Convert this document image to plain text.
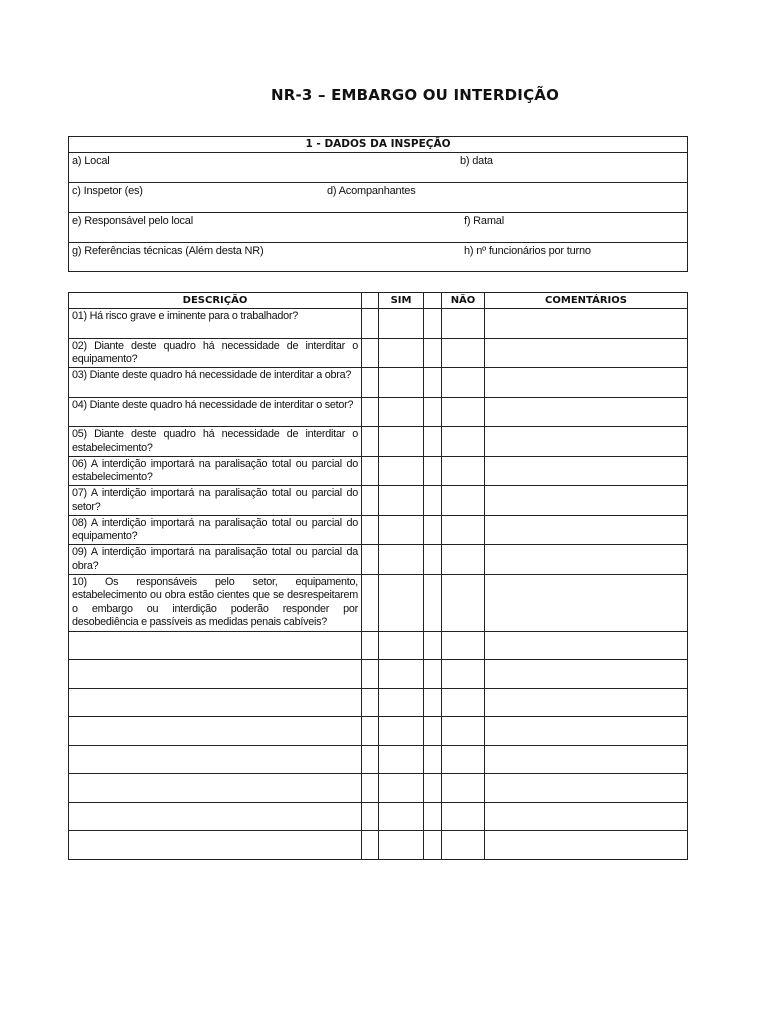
NR-3 – EMBARGO OU INTERDIÇÃO
1 - DADOS DA INSPEÇÃO

a) Local	b) data

c) Inspetor (es)	d) Acompanhantes

e) Responsável pelo local	f) Ramal

g) Referências técnicas (Além desta NR)	h) nº funcionários por turno
DESCRIÇÃO		SIM		NÃO	COMENTÁRIOS
01) Há risco grave e iminente para o trabalhador?					
02) Diante deste quadro há necessidade de interditar o equipamento?					
03) Diante deste quadro há necessidade de interditar a obra?					
04) Diante deste quadro há necessidade de interditar o setor?					
05) Diante deste quadro há necessidade de interditar o estabelecimento?					
06) A interdição importará na paralisação total ou parcial do estabelecimento?					
07) A interdição importará na paralisação total ou parcial do setor?					
08) A interdição importará na paralisação total ou parcial do equipamento?					
09) A interdição importará na paralisação total ou parcial da obra?					
10) Os responsáveis pelo setor, equipamento, estabelecimento ou obra estão cientes que se desrespeitarem o embargo ou interdição poderão responder por desobediência e passíveis as medidas penais cabíveis?					
